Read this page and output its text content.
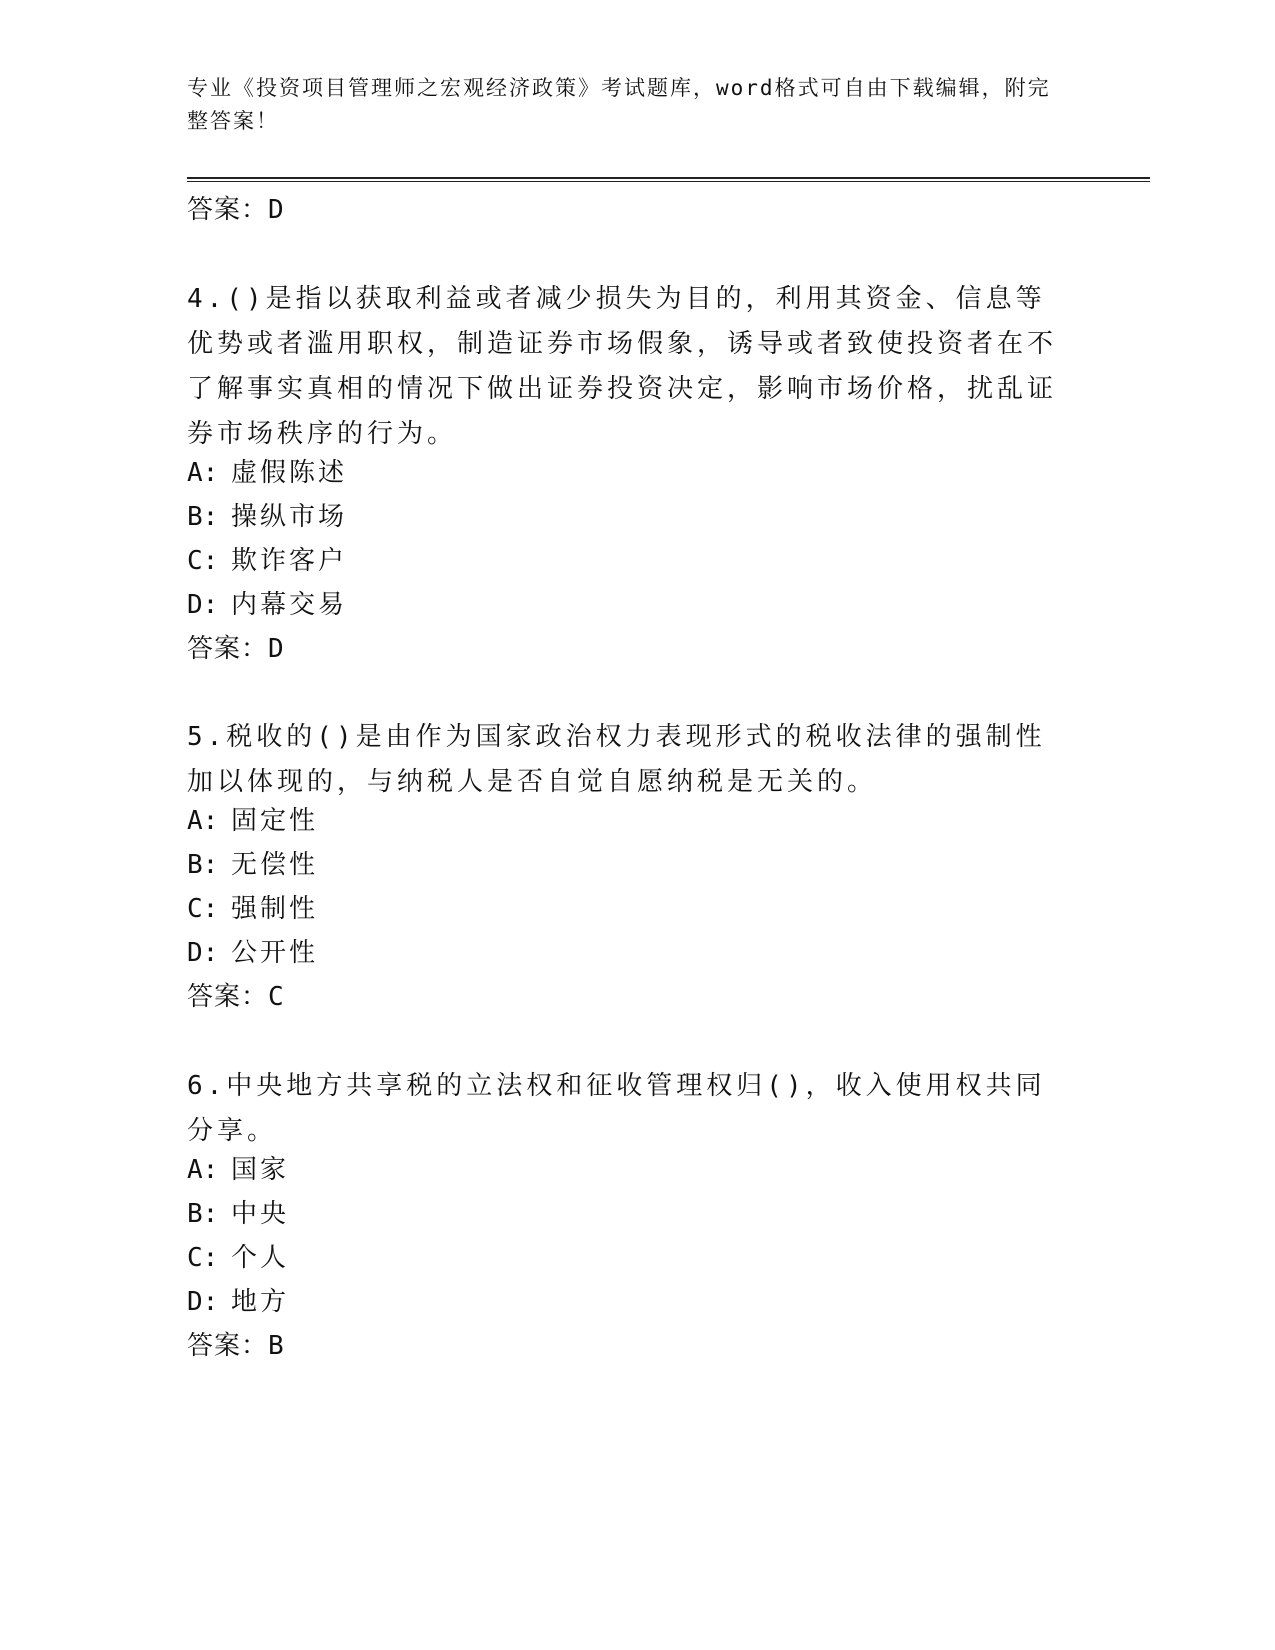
专业《投资项目管理师之宏观经济政策》考试题库，word格式可自由下载编辑，附完整答案！
答案：D
4.()是指以获取利益或者减少损失为目的，利用其资金、信息等优势或者滥用职权，制造证券市场假象，诱导或者致使投资者在不了解事实真相的情况下做出证券投资决定，影响市场价格，扰乱证券市场秩序的行为。
A: 虚假陈述
B: 操纵市场
C: 欺诈客户
D: 内幕交易
答案：D
5.税收的()是由作为国家政治权力表现形式的税收法律的强制性加以体现的，与纳税人是否自觉自愿纳税是无关的。
A: 固定性
B: 无偿性
C: 强制性
D: 公开性
答案：C
6.中央地方共享税的立法权和征收管理权归()，收入使用权共同分享。
A: 国家
B: 中央
C: 个人
D: 地方
答案：B
